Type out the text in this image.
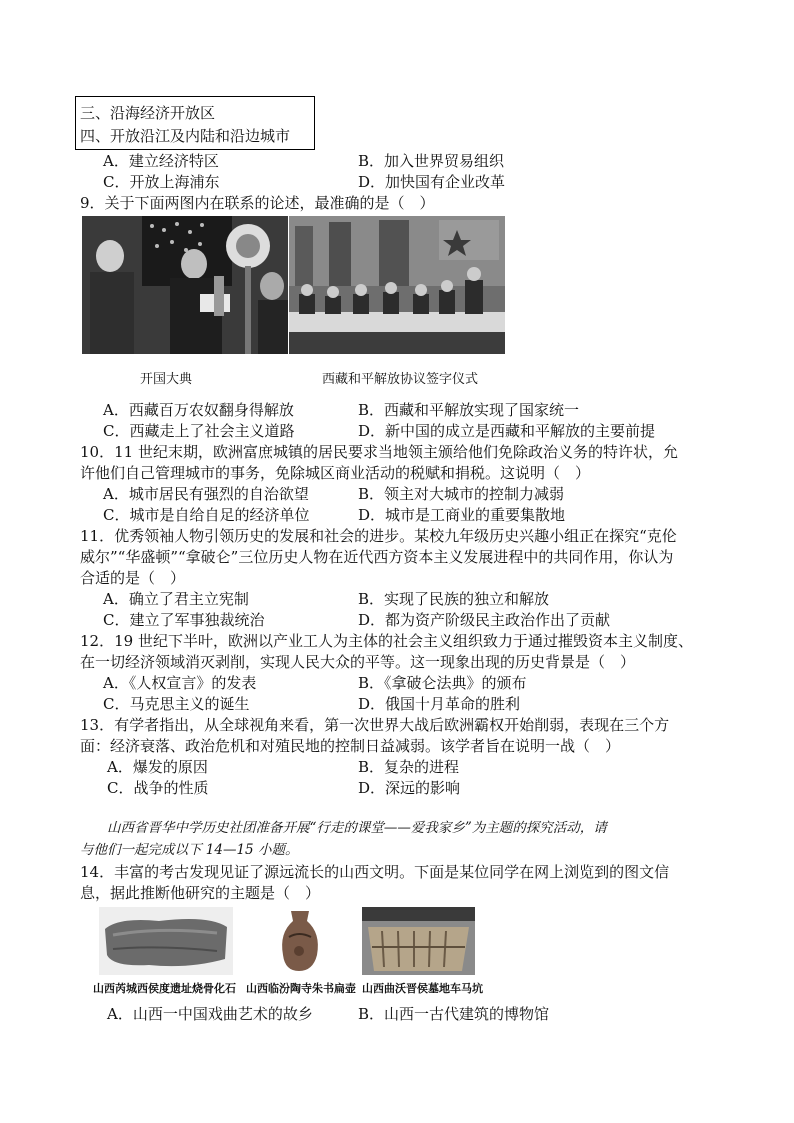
三、沿海经济开放区
四、开放沿江及内陆和沿边城市
A．建立经济特区	B．加入世界贸易组织
C．开放上海浦东	D．加快国有企业改革
9．关于下面两图内在联系的论述，最准确的是（　）
开国大典	西藏和平解放协议签字仪式
A．西藏百万农奴翻身得解放	B．西藏和平解放实现了国家统一
C．西藏走上了社会主义道路	D．新中国的成立是西藏和平解放的主要前提
10．11 世纪末期，欧洲富庶城镇的居民要求当地领主颁给他们免除政治义务的特许状，允
许他们自己管理城市的事务，免除城区商业活动的税赋和捐税。这说明（　）
A．城市居民有强烈的自治欲望	B．领主对大城市的控制力减弱
C．城市是自给自足的经济单位	D．城市是工商业的重要集散地
11．优秀领袖人物引领历史的发展和社会的进步。某校九年级历史兴趣小组正在探究“克伦
威尔”“华盛顿”“拿破仑”三位历史人物在近代西方资本主义发展进程中的共同作用，你认为
合适的是（　）
A．确立了君主立宪制	B．实现了民族的独立和解放
C．建立了军事独裁统治	D．都为资产阶级民主政治作出了贡献
12．19 世纪下半叶，欧洲以产业工人为主体的社会主义组织致力于通过摧毁资本主义制度、
在一切经济领域消灭剥削，实现人民大众的平等。这一现象出现的历史背景是（　）
A．《人权宣言》的发表	B．《拿破仑法典》的颁布
C．马克思主义的诞生	D．俄国十月革命的胜利
13．有学者指出，从全球视角来看，第一次世界大战后欧洲霸权开始削弱，表现在三个方
面：经济衰落、政治危机和对殖民地的控制日益减弱。该学者旨在说明一战（　）
A．爆发的原因	B．复杂的进程
C．战争的性质	D．深远的影响
山西省晋华中学历史社团准备开展“行走的课堂——爱我家乡”为主题的探究活动，请
与他们一起完成以下 14—15 小题。
14．丰富的考古发现见证了源远流长的山西文明。下面是某位同学在网上浏览到的图文信
息，据此推断他研究的主题是（　）
山西芮城西侯度遗址烧骨化石 山西临汾陶寺朱书扁壶 山西曲沃晋侯墓地车马坑
A．山西一中国戏曲艺术的故乡	B．山西一古代建筑的博物馆
